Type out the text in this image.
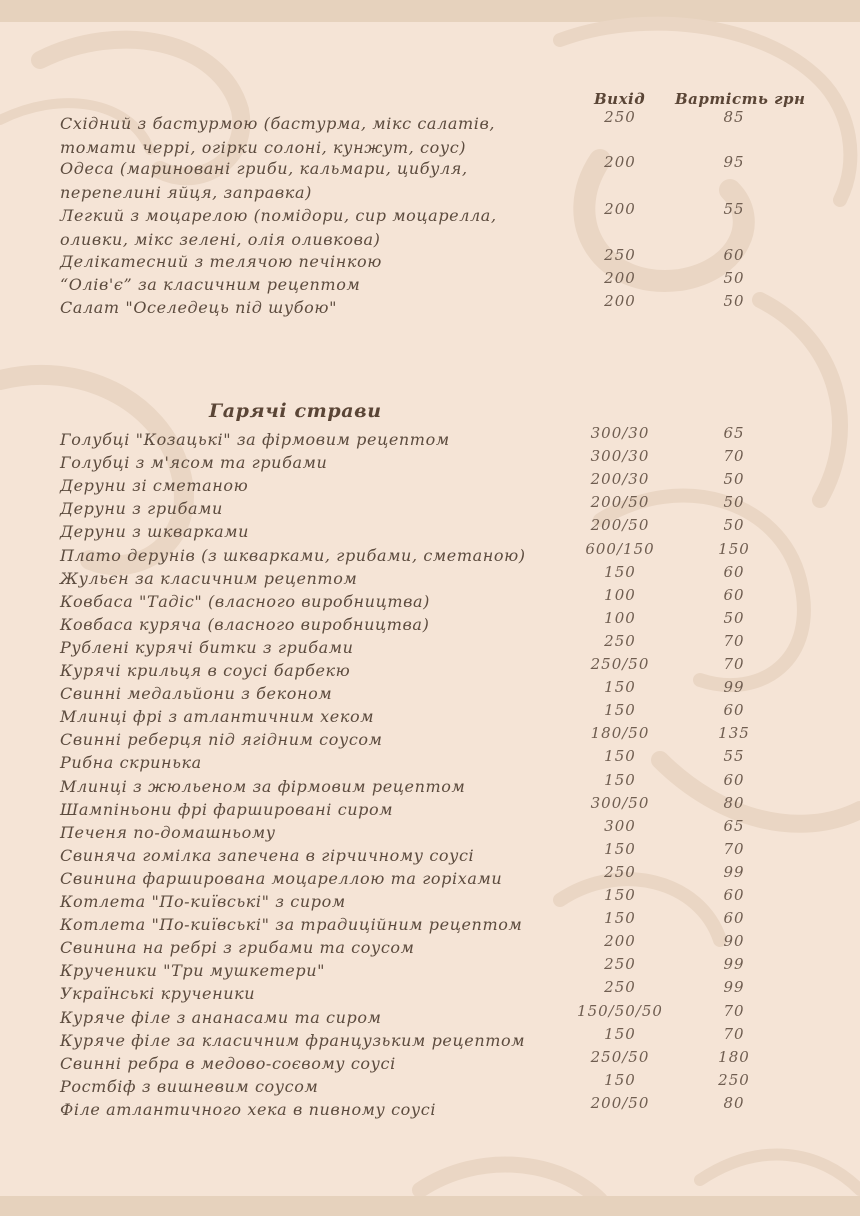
Вихід Вартість грн
Східний з бастурмою (бастурма, мікс салатів,
томати черрі, огірки солоні, кунжут, соус)
250	85
Одеса (мариновані гриби, кальмари, цибуля,
перепелині яйця, заправка)
200	95
Легкий з моцарелою (помідори, сир моцарелла,
оливки, мікс зелені, олія оливкова)
200	55
Делікатесний з телячою печінкою	250	60
“Олів'є” за класичним рецептом	200	50
Салат "Оселедець під шубою"	200	50
Гарячі страви
Голубці "Козацькі" за фірмовим рецептом	300/30	65
Голубці з м'ясом та грибами	300/30	70
Деруни зі сметаною	200/30	50
Деруни з грибами	200/50	50
Деруни з шкварками	200/50	50
Плато дерунів (з шкварками, грибами, сметаною)	600/150	150
Жульєн за класичним рецептом	150	60
Ковбаса "Тадіс" (власного виробництва)	100	60
Ковбаса куряча (власного виробництва)	100	50
Рублені курячі битки з грибами	250	70
Курячі крильця в соусі барбекю	250/50	70
Свинні медальйони з беконом	150	99
Млинці фрі з атлантичним хеком	150	60
Свинні реберця під ягідним соусом	180/50	135
Рибна скринька	150	55
Млинці з жюльеном за фірмовим рецептом	150	60
Шампіньони фрі фаршировані сиром	300/50	80
Печеня по-домашньому	300	65
Свиняча гомілка запечена в гірчичному соусі	150	70
Свинина фарширована моцареллою та горіхами	250	99
Котлета "По-київські" з сиром	150	60
Котлета "По-київські" за традиційним рецептом	150	60
Свинина на ребрі з грибами та соусом	200	90
Крученики "Три мушкетери"	250	99
Українські крученики	250	99
Куряче філе з ананасами та сиром	150/50/50	70
Куряче філе за класичним французьким рецептом	150	70
Свинні ребра в медово-соєвому соусі	250/50	180
Ростбіф з вишневим соусом	150	250
Філе атлантичного хека в пивному соусі	200/50	80
